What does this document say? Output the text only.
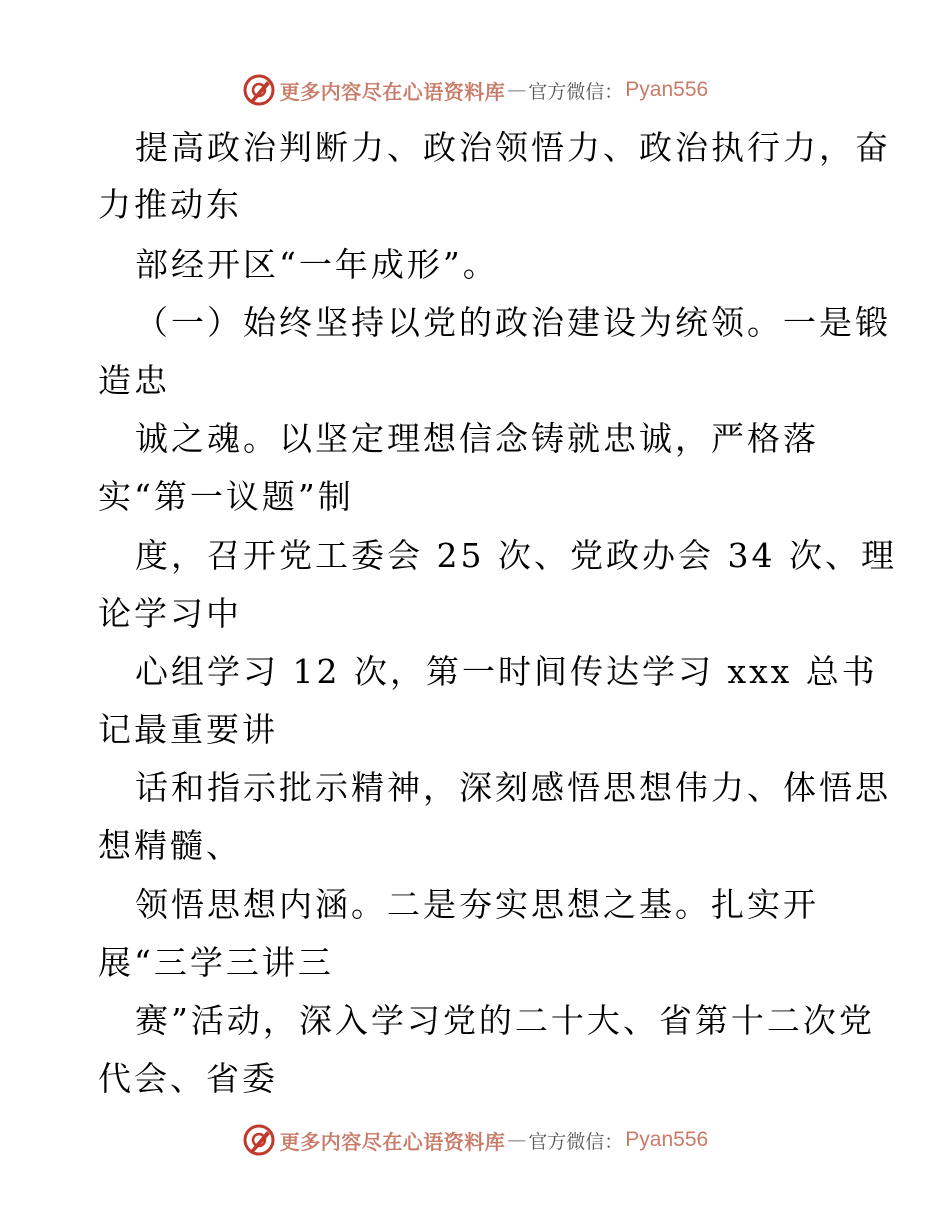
更多内容尽在心语资料库 — 官方微信： Pyan556
提高政治判断力、政治领悟力、政治执行力，奋
力推动东
部经开区“一年成形”。
（一）始终坚持以党的政治建设为统领。一是锻
造忠
诚之魂。以坚定理想信念铸就忠诚，严格落
实“第一议题”制
度，召开党工委会 25 次、党政办会 34 次、理
论学习中
心组学习 12 次，第一时间传达学习 xxx 总书
记最重要讲
话和指示批示精神，深刻感悟思想伟力、体悟思
想精髓、
领悟思想内涵。二是夯实思想之基。扎实开
展“三学三讲三
赛”活动，深入学习党的二十大、省第十二次党
代会、省委
更多内容尽在心语资料库 — 官方微信： Pyan556
